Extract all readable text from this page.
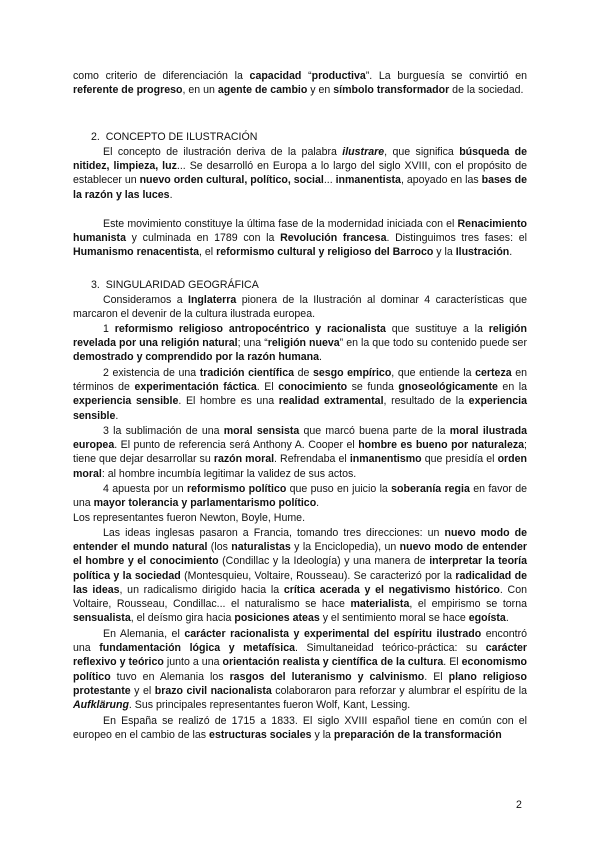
como criterio de diferenciación la capacidad “productiva”. La burguesía se convirtió en referente de progreso, en un agente de cambio y en símbolo transformador de la sociedad.

2.  CONCEPTO DE ILUSTRACIÓN

El concepto de ilustración deriva de la palabra ilustrare, que significa búsqueda de nitidez, limpieza, luz... Se desarrolló en Europa a lo largo del siglo XVIII, con el propósito de establecer un nuevo orden cultural, político, social... inmanentista, apoyado en las bases de la razón y las luces.

Este movimiento constituye la última fase de la modernidad iniciada con el Renacimiento humanista y culminada en 1789 con la Revolución francesa. Distinguimos tres fases: el Humanismo renacentista, el reformismo cultural y religioso del Barroco y la Ilustración.

3.  SINGULARIDAD GEOGRÁFICA

Consideramos a Inglaterra pionera de la Ilustración al dominar 4 características que marcaron el devenir de la cultura ilustrada europea.

1 reformismo religioso antropocéntrico y racionalista que sustituye a la religión revelada por una religión natural; una “religión nueva” en la que todo su contenido puede ser demostrado y comprendido por la razón humana.

2 existencia de una tradición científica de sesgo empírico, que entiende la certeza en términos de experimentación fáctica. El conocimiento se funda gnoseológicamente en la experiencia sensible. El hombre es una realidad extramental, resultado de la experiencia sensible.

3 la sublimación de una moral sensista que marcó buena parte de la moral ilustrada europea. El punto de referencia será Anthony A. Cooper el hombre es bueno por naturaleza; tiene que dejar desarrollar su razón moral. Refrendaba el inmanentismo que presidía el orden moral: al hombre incumbía legitimar la validez de sus actos.

4 apuesta por un reformismo político que puso en juicio la soberanía regia en favor de una mayor tolerancia y parlamentarismo político.

Los representantes fueron Newton, Boyle, Hume.

Las ideas inglesas pasaron a Francia, tomando tres direcciones: un nuevo modo de entender el mundo natural (los naturalistas y la Enciclopedia), un nuevo modo de entender el hombre y el conocimiento (Condillac y la Ideología) y una manera de interpretar la teoría política y la sociedad (Montesquieu, Voltaire, Rousseau). Se caracterizó por la radicalidad de las ideas, un radicalismo dirigido hacia la crítica acerada y el negativismo histórico. Con Voltaire, Rousseau, Condillac... el naturalismo se hace materialista, el empirismo se torna sensualista, el deísmo gira hacia posiciones ateas y el sentimiento moral se hace egoísta.

En Alemania, el carácter racionalista y experimental del espíritu ilustrado encontró una fundamentación lógica y metafísica. Simultaneidad teórico-práctica: su carácter reflexivo y teórico junto a una orientación realista y científica de la cultura. El economismo político tuvo en Alemania los rasgos del luteranismo y calvinismo. El plano religioso protestante y el brazo civil nacionalista colaboraron para reforzar y alumbrar el espíritu de la Aufklärung. Sus principales representantes fueron Wolf, Kant, Lessing.

En España se realizó de 1715 a 1833. El siglo XVIII español tiene en común con el europeo en el cambio de las estructuras sociales y la preparación de la transformación

2
